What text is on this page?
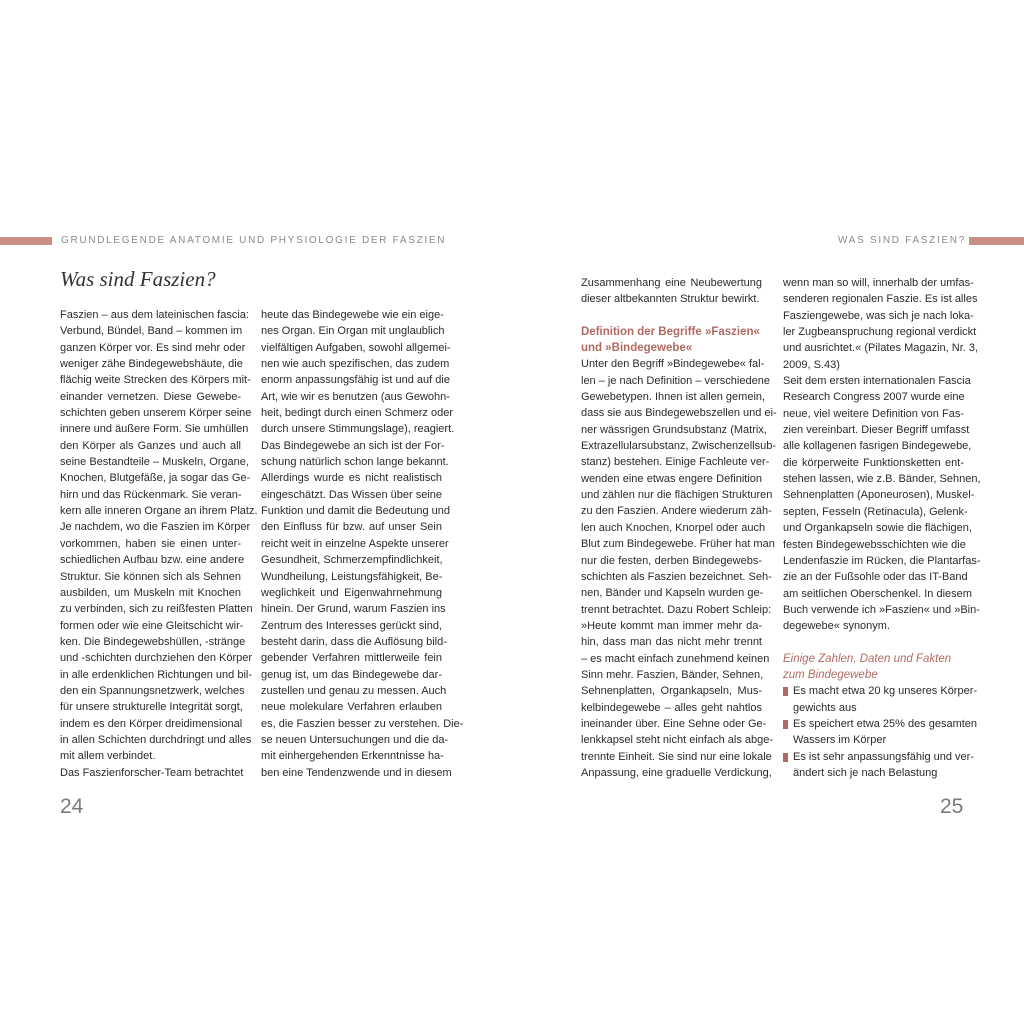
GRUNDLEGENDE ANATOMIE UND PHYSIOLOGIE DER FASZIEN	WAS SIND FASZIEN?
Was sind Faszien?
Faszien – aus dem lateinischen fascia:
Verbund, Bündel, Band – kommen im
ganzen Körper vor. Es sind mehr oder
weniger zähe Bindegewebshäute, die
flächig weite Strecken des Körpers mit-
einander vernetzen. Diese Gewebe-
schichten geben unserem Körper seine
innere und äußere Form. Sie umhüllen
den Körper als Ganzes und auch all
seine Bestandteile – Muskeln, Organe,
Knochen, Blutgefäße, ja sogar das Ge-
hirn und das Rückenmark. Sie veran-
kern alle inneren Organe an ihrem Platz.
Je nachdem, wo die Faszien im Körper
vorkommen, haben sie einen unter-
schiedlichen Aufbau bzw. eine andere
Struktur. Sie können sich als Sehnen
ausbilden, um Muskeln mit Knochen
zu verbinden, sich zu reißfesten Platten
formen oder wie eine Gleitschicht wir-
ken. Die Bindegewebshüllen, -stränge
und -schichten durchziehen den Körper
in alle erdenklichen Richtungen und bil-
den ein Spannungsnetzwerk, welches
für unsere strukturelle Integrität sorgt,
indem es den Körper dreidimensional
in allen Schichten durchdringt und alles
mit allem verbindet.
Das Faszienforscher-Team betrachtet
heute das Bindegewebe wie ein eige-
nes Organ. Ein Organ mit unglaublich
vielfältigen Aufgaben, sowohl allgemei-
nen wie auch spezifischen, das zudem
enorm anpassungsfähig ist und auf die
Art, wie wir es benutzen (aus Gewohn-
heit, bedingt durch einen Schmerz oder
durch unsere Stimmungslage), reagiert.
Das Bindegewebe an sich ist der For-
schung natürlich schon lange bekannt.
Allerdings wurde es nicht realistisch
eingeschätzt. Das Wissen über seine
Funktion und damit die Bedeutung und
den Einfluss für bzw. auf unser Sein
reicht weit in einzelne Aspekte unserer
Gesundheit, Schmerzempfindlichkeit,
Wundheilung, Leistungsfähigkeit, Be-
weglichkeit und Eigenwahrnehmung
hinein. Der Grund, warum Faszien ins
Zentrum des Interesses gerückt sind,
besteht darin, dass die Auflösung bild-
gebender Verfahren mittlerweile fein
genug ist, um das Bindegewebe dar-
zustellen und genau zu messen. Auch
neue molekulare Verfahren erlauben
es, die Faszien besser zu verstehen. Die-
se neuen Untersuchungen und die da-
mit einhergehenden Erkenntnisse ha-
ben eine Tendenzwende und in diesem
Zusammenhang eine Neubewertung
dieser altbekannten Struktur bewirkt.
Definition der Begriffe »Faszien«
und »Bindegewebe«
Unter den Begriff »Bindegewebe« fal-
len – je nach Definition – verschiedene
Gewebetypen. Ihnen ist allen gemein,
dass sie aus Bindegewebszellen und ei-
ner wässrigen Grundsubstanz (Matrix,
Extrazellularsubstanz, Zwischenzellsub-
stanz) bestehen. Einige Fachleute ver-
wenden eine etwas engere Definition
und zählen nur die flächigen Strukturen
zu den Faszien. Andere wiederum zäh-
len auch Knochen, Knorpel oder auch
Blut zum Bindegewebe. Früher hat man
nur die festen, derben Bindegewebs-
schichten als Faszien bezeichnet. Seh-
nen, Bänder und Kapseln wurden ge-
trennt betrachtet. Dazu Robert Schleip:
»Heute kommt man immer mehr da-
hin, dass man das nicht mehr trennt
– es macht einfach zunehmend keinen
Sinn mehr. Faszien, Bänder, Sehnen,
Sehnenplatten, Organkapseln, Mus-
kelbindegewebe – alles geht nahtlos
ineinander über. Eine Sehne oder Ge-
lenkkapsel steht nicht einfach als abge-
trennte Einheit. Sie sind nur eine lokale
Anpassung, eine graduelle Verdickung,
wenn man so will, innerhalb der umfas-
senderen regionalen Faszie. Es ist alles
Fasziengewebe, was sich je nach loka-
ler Zugbeanspruchung regional verdickt
und ausrichtet.« (Pilates Magazin, Nr. 3,
2009, S.43)
Seit dem ersten internationalen Fascia
Research Congress 2007 wurde eine
neue, viel weitere Definition von Fas-
zien vereinbart. Dieser Begriff umfasst
alle kollagenen fasrigen Bindegewebe,
die körperweite Funktionsketten ent-
stehen lassen, wie z.B. Bänder, Sehnen,
Sehnenplatten (Aponeurosen), Muskel-
septen, Fesseln (Retinacula), Gelenk-
und Organkapseln sowie die flächigen,
festen Bindegewebsschichten wie die
Lendenfaszie im Rücken, die Plantarfas-
zie an der Fußsohle oder das IT-Band
am seitlichen Oberschenkel. In diesem
Buch verwende ich »Faszien« und »Bin-
degewebe« synonym.
Einige Zahlen, Daten und Fakten
zum Bindegewebe
Es macht etwa 20 kg unseres Körper-
gewichts aus
Es speichert etwa 25% des gesamten
Wassers im Körper
Es ist sehr anpassungsfähig und ver-
ändert sich je nach Belastung
24	25
